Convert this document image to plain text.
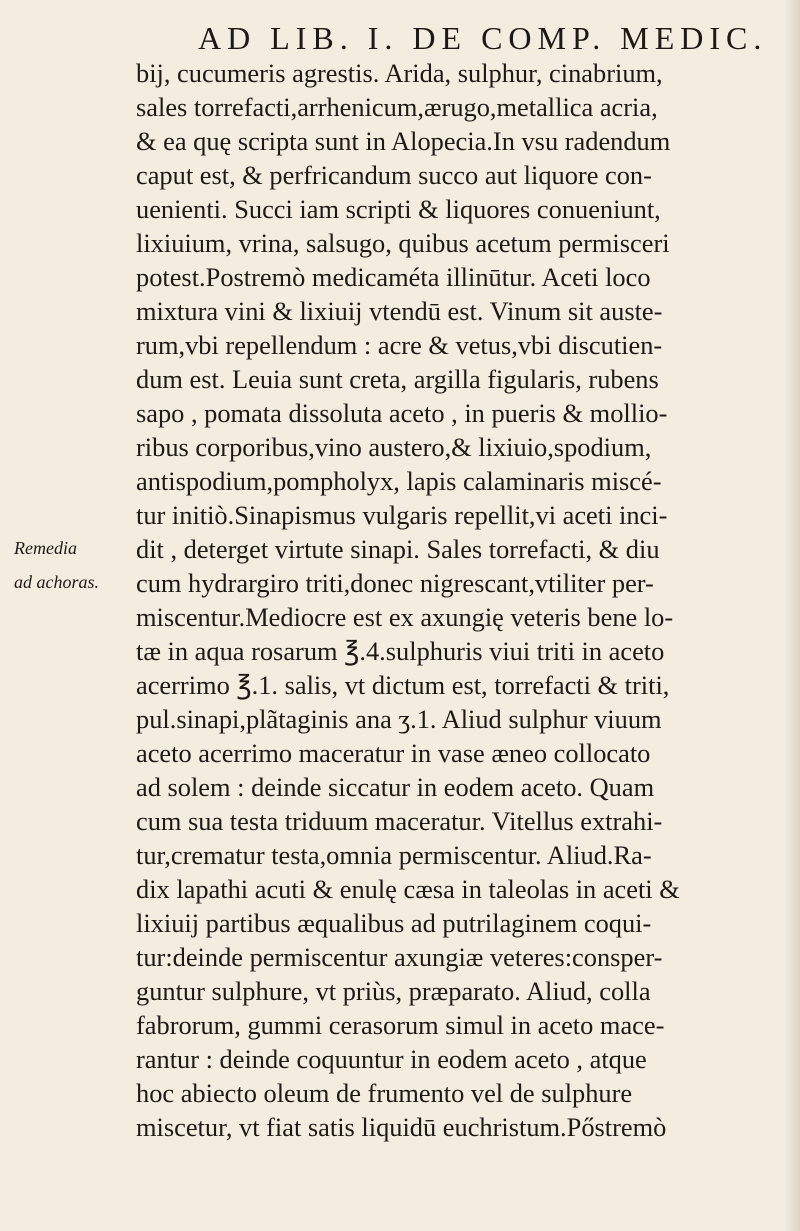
AD LIB. I. DE COMP. MEDIC.
Remedia
ad achoras.
bij, cucumeris agrestis. Arida, sulphur, cinabrium,
sales torrefacti,arrhenicum,ærugo,metallica acria,
& ea quę scripta sunt in Alopecia.In vsu radendum
caput est, & perfricandum succo aut liquore con-
uenienti. Succi iam scripti & liquores conueniunt,
lixiuium, vrina, salsugo, quibus acetum permisceri
potest.Postremò medicaméta illinūtur. Aceti loco
mixtura vini & lixiuij vtendū est. Vinum sit auste-
rum,vbi repellendum : acre & vetus,vbi discutien-
dum est. Leuia sunt creta, argilla figularis, rubens
sapo , pomata dissoluta aceto , in pueris & mollio-
ribus corporibus,vino austero,& lixiuio,spodium,
antispodium,pompholyx, lapis calaminaris miscé-
tur initiò.Sinapismus vulgaris repellit,vi aceti inci-
dit , deterget virtute sinapi. Sales torrefacti, & diu
cum hydrargiro triti,donec nigrescant,vtiliter per-
miscentur.Mediocre est ex axungię veteris bene lo-
tæ in aqua rosarum ℥.4.sulphuris viui triti in aceto
acerrimo ℥.1. salis, vt dictum est, torrefacti & triti,
pul.sinapi,plãtaginis ana ʒ.1. Aliud sulphur viuum
aceto acerrimo maceratur in vase æneo collocato
ad solem : deinde siccatur in eodem aceto. Quam
cum sua testa triduum maceratur. Vitellus extrahi-
tur,crematur testa,omnia permiscentur. Aliud.Ra-
dix lapathi acuti & enulę cæsa in taleolas in aceti &
lixiuij partibus æqualibus ad putrilaginem coqui-
tur:deinde permiscentur axungiæ veteres:consper-
guntur sulphure, vt priùs, præparato. Aliud, colla
fabrorum, gummi cerasorum simul in aceto mace-
rantur : deinde coquuntur in eodem aceto , atque
hoc abiecto oleum de frumento vel de sulphure
miscetur, vt fiat satis liquidū euchristum.Pőstremò
